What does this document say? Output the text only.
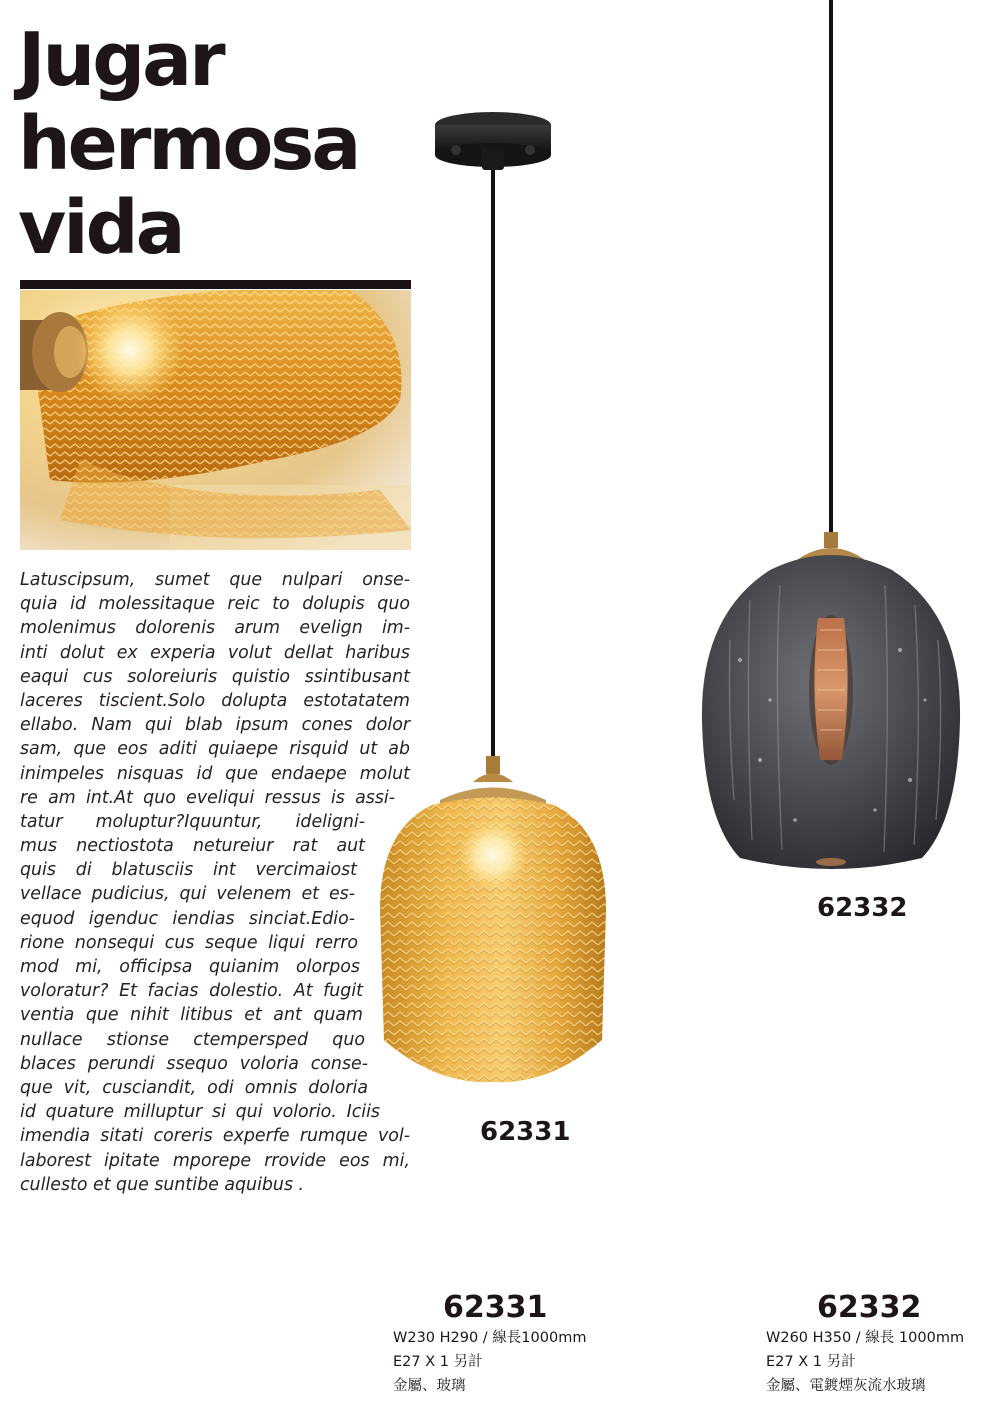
Jugar
hermosa
vida
Latuscipsum, sumet que nulpari onse-
quia id molessitaque reic to dolupis quo
molenimus dolorenis arum evelign im-
inti dolut ex experia volut dellat haribus
eaqui cus soloreiuris quistio ssintibusant
laceres tiscient.Solo dolupta estotatatem
ellabo. Nam qui blab ipsum cones dolor
sam, que eos aditi quiaepe risquid ut ab
inimpeles nisquas id que endaepe molut
re am int.At quo eveliqui ressus is assi-
tatur moluptur?Iquuntur, ideligni-
mus nectiostota netureiur rat aut
quis di blatusciis int vercimaiost
vellace pudicius, qui velenem et es-
equod igenduc iendias sinciat.Edio-
rione nonsequi cus seque liqui rerro
mod mi, officipsa quianim olorpos
voloratur? Et facias dolestio. At fugit
ventia que nihit litibus et ant quam
nullace stionse ctempersped quo
blaces perundi ssequo voloria conse-
que vit, cusciandit, odi omnis doloria
id quature milluptur si qui volorio. Iciis
imendia sitati coreris experfe rumque vol-
laborest ipitate mporepe rrovide eos mi,
cullesto et que suntibe aquibus .
62331
62332
62331
W230 H290 / 線長1000mm
E27 X 1 另計
金屬、玻璃
62332
W260 H350 / 線長 1000mm
E27 X 1 另計
金屬、電鍍煙灰流水玻璃
